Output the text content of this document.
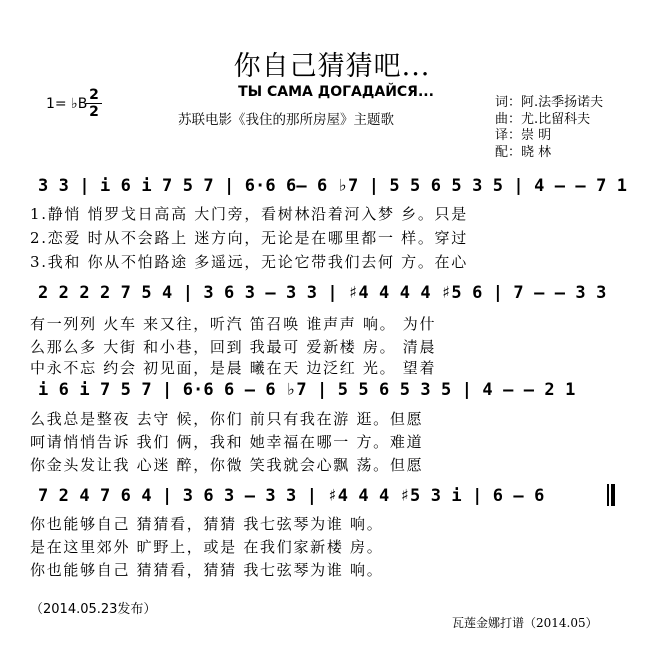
你自己猜猜吧...
ТЫ САМА ДОГАДАЙСЯ...
苏联电影《我住的那所房屋》主题歌
1= ♭B
2
2
词：阿.法季扬诺夫
曲：尤.比留科夫
译：崇 明
配：晓 林
3 3 | i 6 i 7 5 7 | 6·6 6– 6 ♭7 | 5 5 6 5 3 5 | 4 – – 7 1
1.静悄 悄罗戈日高高 大门旁，看树林沿着河入梦 乡。只是
2.恋爱 时从不会路上 迷方向，无论是在哪里都一 样。穿过
3.我和 你从不怕路途 多遥远，无论它带我们去何 方。在心
2 2 2 2 7 5 4 | 3 6 3 – 3 3 | ♯4 4 4 4 ♯5 6 | 7 – – 3 3
有一列列 火车 来又往，听汽 笛召唤 谁声声 响。 为什
么那么多 大街 和小巷，回到 我最可 爱新楼 房。 清晨
中永不忘 约会 初见面，是晨 曦在天 边泛红 光。 望着
i 6 i 7 5 7 | 6·6 6 – 6 ♭7 | 5 5 6 5 3 5 | 4 – – 2 1
么我总是整夜 去守 候，你们 前只有我在游 逛。但愿
呵请悄悄告诉 我们 俩，我和 她幸福在哪一 方。难道
你金头发让我 心迷 醉，你微 笑我就会心飘 荡。但愿
7 2 4 7 6 4 | 3 6 3 – 3 3 | ♯4 4 4 ♯5 3 i | 6 – 6
你也能够自己 猜猜看，猜猜 我七弦琴为谁 响。
是在这里郊外 旷野上，或是 在我们家新楼 房。
你也能够自己 猜猜看，猜猜 我七弦琴为谁 响。
（2014.05.23发布）
瓦莲金娜打谱（2014.05）
